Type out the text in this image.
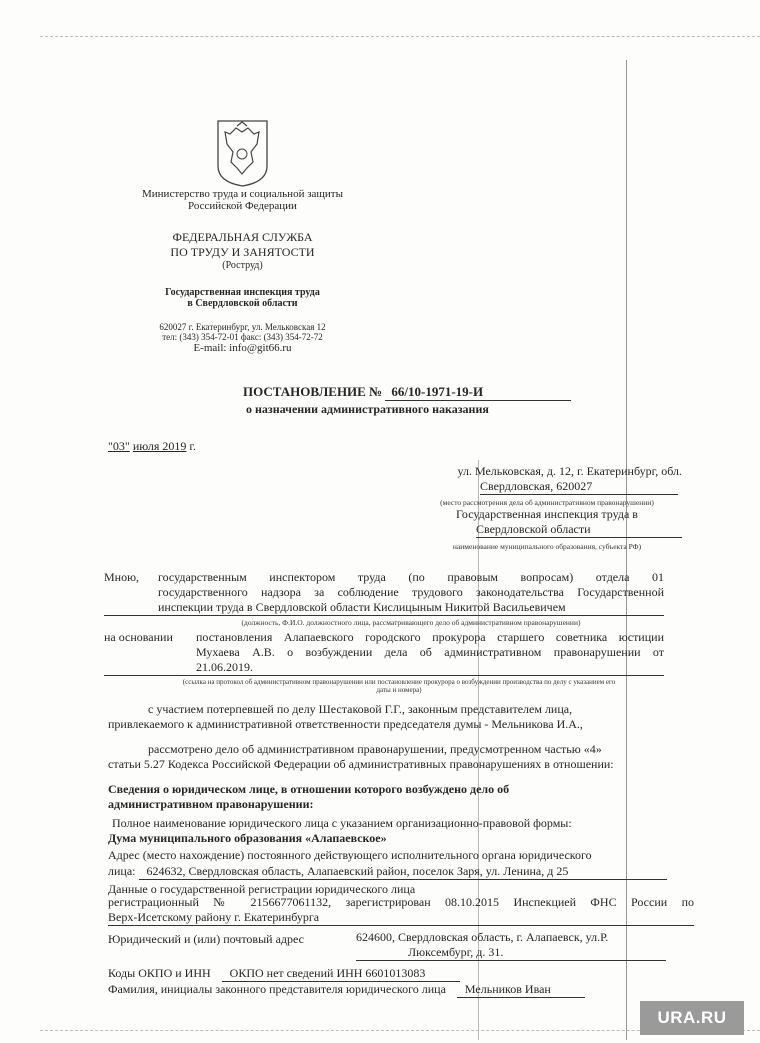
Министерство труда и социальной защиты
Российской Федерации
ФЕДЕРАЛЬНАЯ СЛУЖБА
ПО ТРУДУ И ЗАНЯТОСТИ
(Роструд)
Государственная инспекция труда
в Свердловской области
620027 г. Екатеринбург, ул. Мельковская 12
тел: (343) 354-72-01 факс: (343) 354-72-72
E-mail: info@git66.ru
ПОСТАНОВЛЕНИЕ № 66/10-1971-19-И
о назначении административного наказания
"03" июля 2019 г.
ул. Мельковская, д. 12, г. Екатеринбург, обл.
Свердловская, 620027
(место рассмотрения дела об административном правонарушении)
Государственная инспекция труда в
Свердловской области
наименование муниципального образования, субъекта РФ)
Мною,	государственным инспектором труда (по правовым вопросам) отдела 01
государственного надзора за соблюдение трудового законодательства Государственной
инспекции труда в Свердловской области Кислицыным Никитой Васильевичем
(должность, Ф.И.О. должностного лица, рассматривающего дело об административном правонарушении)
на основании	постановления Алапаевского городского прокурора старшего советника юстиции
Мухаева А.В. о возбуждении дела об административном правонарушении от
21.06.2019.
(ссылка на протокол об административном правонарушении или постановление прокурора о возбуждении производства по делу с указанием его
даты и номера)
с участием потерпевшей по делу Шестаковой Г.Г., законным представителем лица,
привлекаемого к административной ответственности председателя думы - Мельникова И.А.,
рассмотрено дело об административном правонарушении, предусмотренном частью «4»
статьи 5.27 Кодекса Российской Федерации об административных правонарушениях в отношении:
Сведения о юридическом лице, в отношении которого возбуждено дело об
административном правонарушении:
Полное наименование юридического лица с указанием организационно-правовой формы:
Дума муниципального образования «Алапаевское»
Адрес (место нахождение) постоянного действующего исполнительного органа юридического
лица: 624632, Свердловская область, Алапаевский район, поселок Заря, ул. Ленина, д 25
Данные о государственной регистрации юридического лица
регистрационный № 2156677061132, зарегистрирован 08.10.2015 Инспекцией ФНС России по
Верх-Исетскому району г. Екатеринбурга
Юридический и (или) почтовый адрес	624600, Свердловская область, г. Алапаевск, ул.Р.
Люксембург, д. 31.
Коды ОКПО и ИНН ОКПО нет сведений ИНН 6601013083
Фамилия, инициалы законного представителя юридического лица Мельников Иван
URA.RU
